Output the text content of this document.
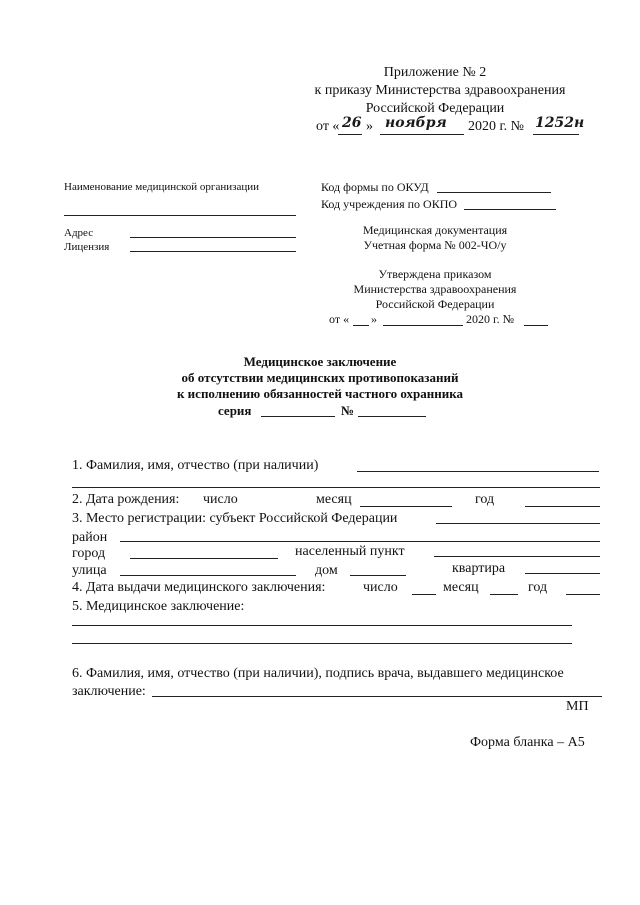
Приложение № 2
к приказу Министерства здравоохранения
Российской Федерации
от « 26 » ноября 2020 г. № 1252н
Наименование медицинской организации
Адрес
Лицензия
Код формы по ОКУД
Код учреждения по ОКПО
Медицинская документация
Учетная форма № 002-ЧО/у
Утверждена приказом
Министерства здравоохранения
Российской Федерации
от « »	2020 г. №
Медицинское заключение
об отсутствии медицинских противопоказаний
к исполнению обязанностей частного охранника
серия	№
1. Фамилия, имя, отчество (при наличии)
2. Дата рождения: число	месяц	год
3. Место регистрации: субъект Российской Федерации
район
город	населенный пункт
улица	дом	квартира
4. Дата выдачи медицинского заключения:	число	месяц	год
5. Медицинское заключение:
6. Фамилия, имя, отчество (при наличии), подпись врача, выдавшего медицинское
заключение:
МП
Форма бланка – А5
